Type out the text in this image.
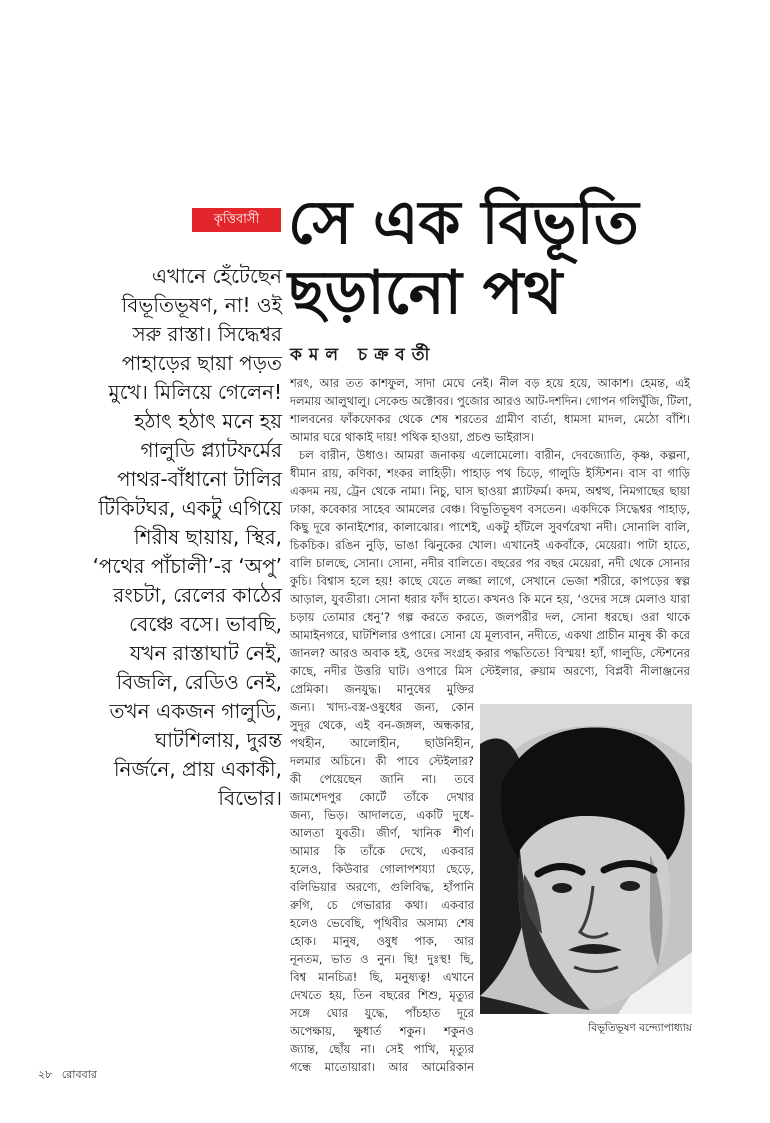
কৃত্তিবাসী সে এক বিভূতি
ছড়ানো পথ
কমল চক্রবর্তী
এখানে হেঁটেছেন
বিভূতিভূষণ, না! ওই
সরু রাস্তা। সিদ্ধেশ্বর
পাহাড়ের ছায়া পড়ত
মুখে। মিলিয়ে গেলেন!
হঠাৎ হঠাৎ মনে হয়
গালুডি প্ল্যাটফর্মের
পাথর-বাঁধানো টালির
টিকিটঘর, একটু এগিয়ে
শিরীষ ছায়ায়, স্থির,
‘পথের পাঁচালী’-র ‘অপু’
রংচটা, রেলের কাঠের
বেঞ্চে বসে। ভাবছি,
যখন রাস্তাঘাট নেই,
বিজলি, রেডিও নেই,
তখন একজন গালুডি,
ঘাটশিলায়, দুরন্ত
নির্জনে, প্রায় একাকী,
বিভোর।
শরৎ, আর তত কাশফুল, সাদা মেঘে নেই। নীল বড় হয়ে হয়ে, আকাশ। হেমন্ত, এই
দলমায় আলুথালু। সেকেন্ড অক্টোবর। পুজোর আরও আট-দশদিন। গোপন গলিঘুঁজি, টিলা,
শালবনের ফাঁকফোকর থেকে শেষ শরতের গ্রামীণ বার্তা, ধামসা মাদল, মেঠো বাঁশি।
আমার ঘরে থাকাই দায়! পথিক হাওয়া, প্রচণ্ড ভাইরাস।
চল বারীন, উধাও। আমরা জনাকয় এলোমেলো। বারীন, দেবজ্যোতি, কৃষ্ণ, কল্পনা,
ধীমান রায়, কণিকা, শংকর লাহিড়ী। পাহাড় পথ চিড়ে, গালুডি ইস্টিশন। বাস বা গাড়ি
একদম নয়, ট্রেন থেকে নামা। নিচু, ঘাস ছাওয়া প্ল্যাটফর্ম। কদম, অশ্বত্থ, নিমগাছের ছায়া
ঢাকা, কবেকার সাহেব আমলের বেঞ্চ। বিভূতিভূষণ বসতেন। একদিকে সিদ্ধেশ্বর পাহাড়,
কিছু দূরে কানাইশোর, কালাঝোর। পাশেই, একটু হাঁটলে সুবর্ণরেখা নদী। সোনালি বালি,
চিকচিক। রঙিন নুড়ি, ভাঙা ঝিনুকের খোল। এখানেই একবাঁকে, মেয়েরা। পাটা হাতে,
বালি চালছে, সোনা। সোনা, নদীর বালিতে। বছরের পর বছর মেয়েরা, নদী থেকে সোনার
কুচি। বিশ্বাস হলে হয়! কাছে যেতে লজ্জা লাগে, সেখানে ভেজা শরীরে, কাপড়ের স্বল্প
আড়াল, যুবতীরা। সোনা ধরার ফাঁদ হাতে। কখনও কি মনে হয়, ‘ওদের সঙ্গে মেলাও যারা
চড়ায় তোমার ধেনু’? গল্প করতে করতে, জলপরীর দল, সোনা ধরছে। ওরা থাকে
আমাইনগরে, ঘাটশিলার ওপারে। সোনা যে মূল্যবান, নদীতে, একথা প্রাচীন মানুষ কী করে
জানল? আরও অবাক হই, ওদের সংগ্রহ করার পদ্ধতিতে! বিস্ময়! হ্যাঁ, গালুডি, স্টেশনের
কাছে, নদীর উত্তরি ঘাট। ওপারে মিস স্টেইলার, রুয়াম অরণ্যে, বিপ্লবী নীলাঞ্জনের
প্রেমিকা। জনযুদ্ধ। মানুষের মুক্তির
জন্য। খাদ্য-বস্ত্র-ওষুধের জন্য, কোন
সুদূর থেকে, এই বন-জঙ্গল, অন্ধকার,
পথহীন, আলোহীন, ছাউনিহীন,
দলমার অচিনে। কী পাবে স্টেইলার?
কী পেয়েছেন জানি না। তবে
জামশেদপুর কোর্টে তাঁকে দেখার
জন্য, ভিড়। আদালতে, একটি দুধে-
আলতা যুবতী। জীর্ণ, খানিক শীর্ণ।
আমার কি তাঁকে দেখে, একবার
হলেও, কিউবার গোলাপশয্যা ছেড়ে,
বলিভিয়ার অরণ্যে, গুলিবিদ্ধ, হাঁপানি
রুগি, চে গেভারার কথা। একবার
হলেও ভেবেছি, পৃথিবীর অসাম্য শেষ
হোক। মানুষ, ওষুধ পাক, আর
নূনতম, ভাত ও নুন। ছি! দুঃস্থ! ছি,
বিশ্ব মানচিত্র! ছি, মনুষ্যত্ব! এখানে
দেখতে হয়, তিন বছরের শিশু, মৃত্যুর
সঙ্গে ঘোর যুদ্ধে, পাঁচহাত দূরে
অপেক্ষায়, ক্ষুধার্ত শকুন। শকুনও
জ্যান্ত, ছোঁয় না। সেই পাখি, মৃত্যুর
গন্ধে মাতোয়ারা। আর আমেরিকান
বিভূতিভূষণ বন্দ্যোপাধ্যায়
২৮ রোববার
